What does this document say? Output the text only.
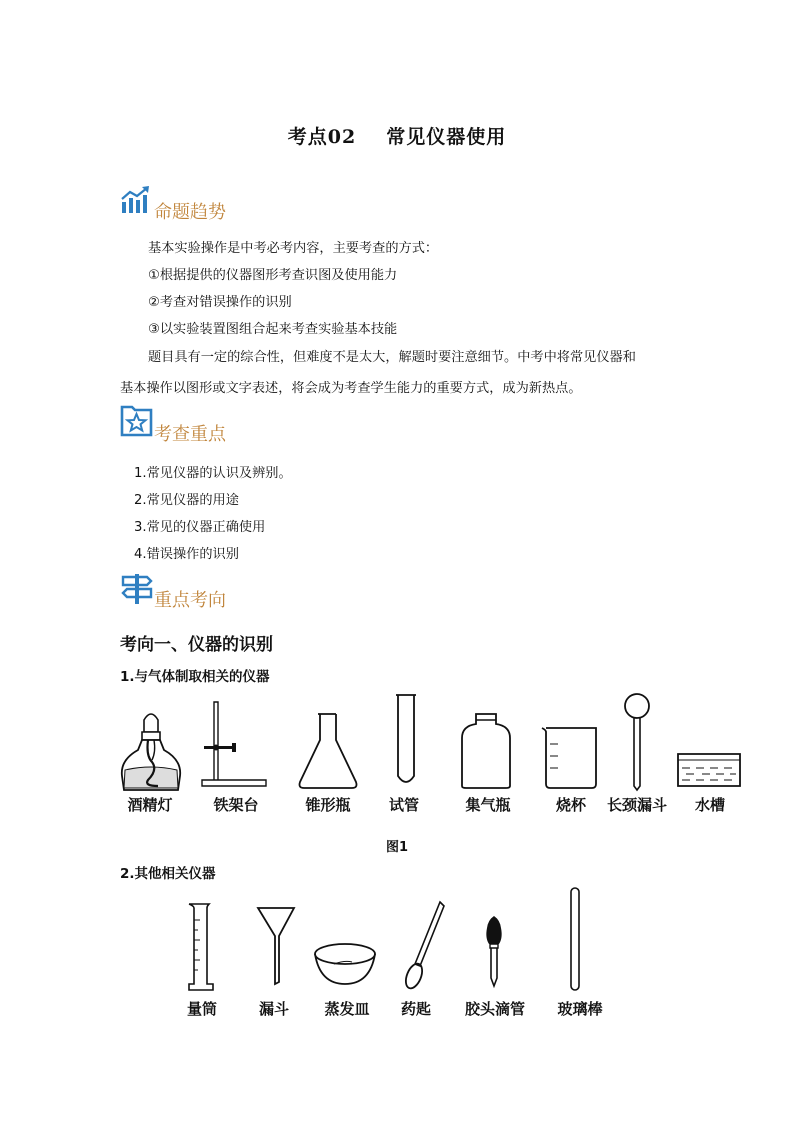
考点02 常见仪器使用
命题趋势
基本实验操作是中考必考内容，主要考查的方式：
①根据提供的仪器图形考查识图及使用能力
②考查对错误操作的识别
③以实验装置图组合起来考查实验基本技能
题目具有一定的综合性，但难度不是太大，解题时要注意细节。中考中将常见仪器和
基本操作以图形或文字表述，将会成为考查学生能力的重要方式，成为新热点。
考查重点
1.常见仪器的认识及辨别。
2.常见仪器的用途
3.常见的仪器正确使用
4.错误操作的识别
重点考向
考向一、仪器的识别
1.与气体制取相关的仪器
酒精灯	铁架台	锥形瓶	试管	集气瓶	烧杯 长颈漏斗 水槽
图1
2.其他相关仪器
量筒	漏斗 蒸发皿 药匙 胶头滴管 玻璃棒
